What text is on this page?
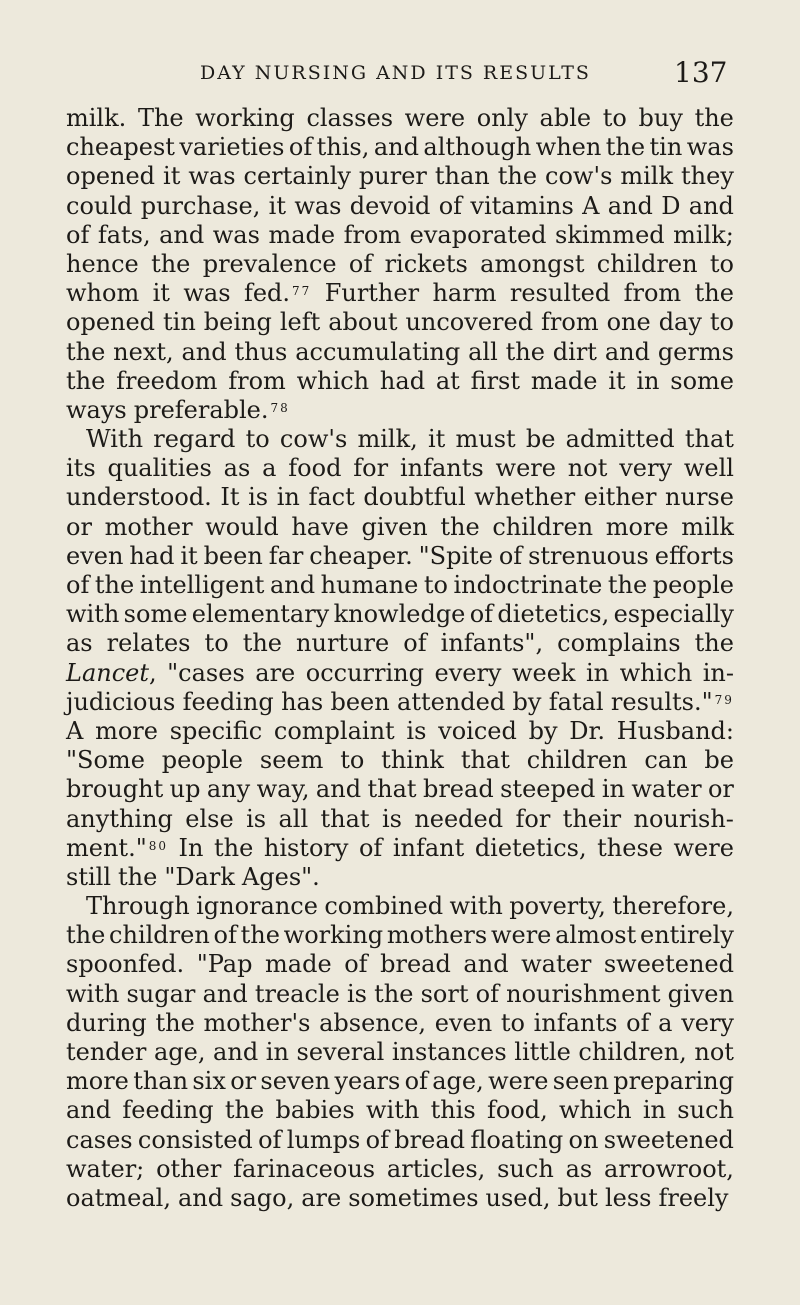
DAY NURSING AND ITS RESULTS	137
milk. The working classes were only able to buy the
cheapest varieties of this, and although when the tin was
opened it was certainly purer than the cow's milk they
could purchase, it was devoid of vitamins A and D and
of fats, and was made from evaporated skimmed milk;
hence the prevalence of rickets amongst children to
whom it was fed. $^{77}$ Further harm resulted from the
opened tin being left about uncovered from one day to
the next, and thus accumulating all the dirt and germs
the freedom from which had at first made it in some
ways preferable. $^{78}$
With regard to cow's milk, it must be admitted that
its qualities as a food for infants were not very well
understood. It is in fact doubtful whether either nurse
or mother would have given the children more milk
even had it been far cheaper. "Spite of strenuous efforts
of the intelligent and humane to indoctrinate the people
with some elementary knowledge of dietetics, especially
as relates to the nurture of infants", complains the
Lancet, "cases are occurring every week in which in-
judicious feeding has been attended by fatal results." $^{79}$
A more specific complaint is voiced by Dr. Husband:
"Some people seem to think that children can be
brought up any way, and that bread steeped in water or
anything else is all that is needed for their nourish-
ment." $^{80}$ In the history of infant dietetics, these were
still the "Dark Ages".
Through ignorance combined with poverty, therefore,
the children of the working mothers were almost entirely
spoonfed. "Pap made of bread and water sweetened
with sugar and treacle is the sort of nourishment given
during the mother's absence, even to infants of a very
tender age, and in several instances little children, not
more than six or seven years of age, were seen preparing
and feeding the babies with this food, which in such
cases consisted of lumps of bread floating on sweetened
water; other farinaceous articles, such as arrowroot,
oatmeal, and sago, are sometimes used, but less freely
